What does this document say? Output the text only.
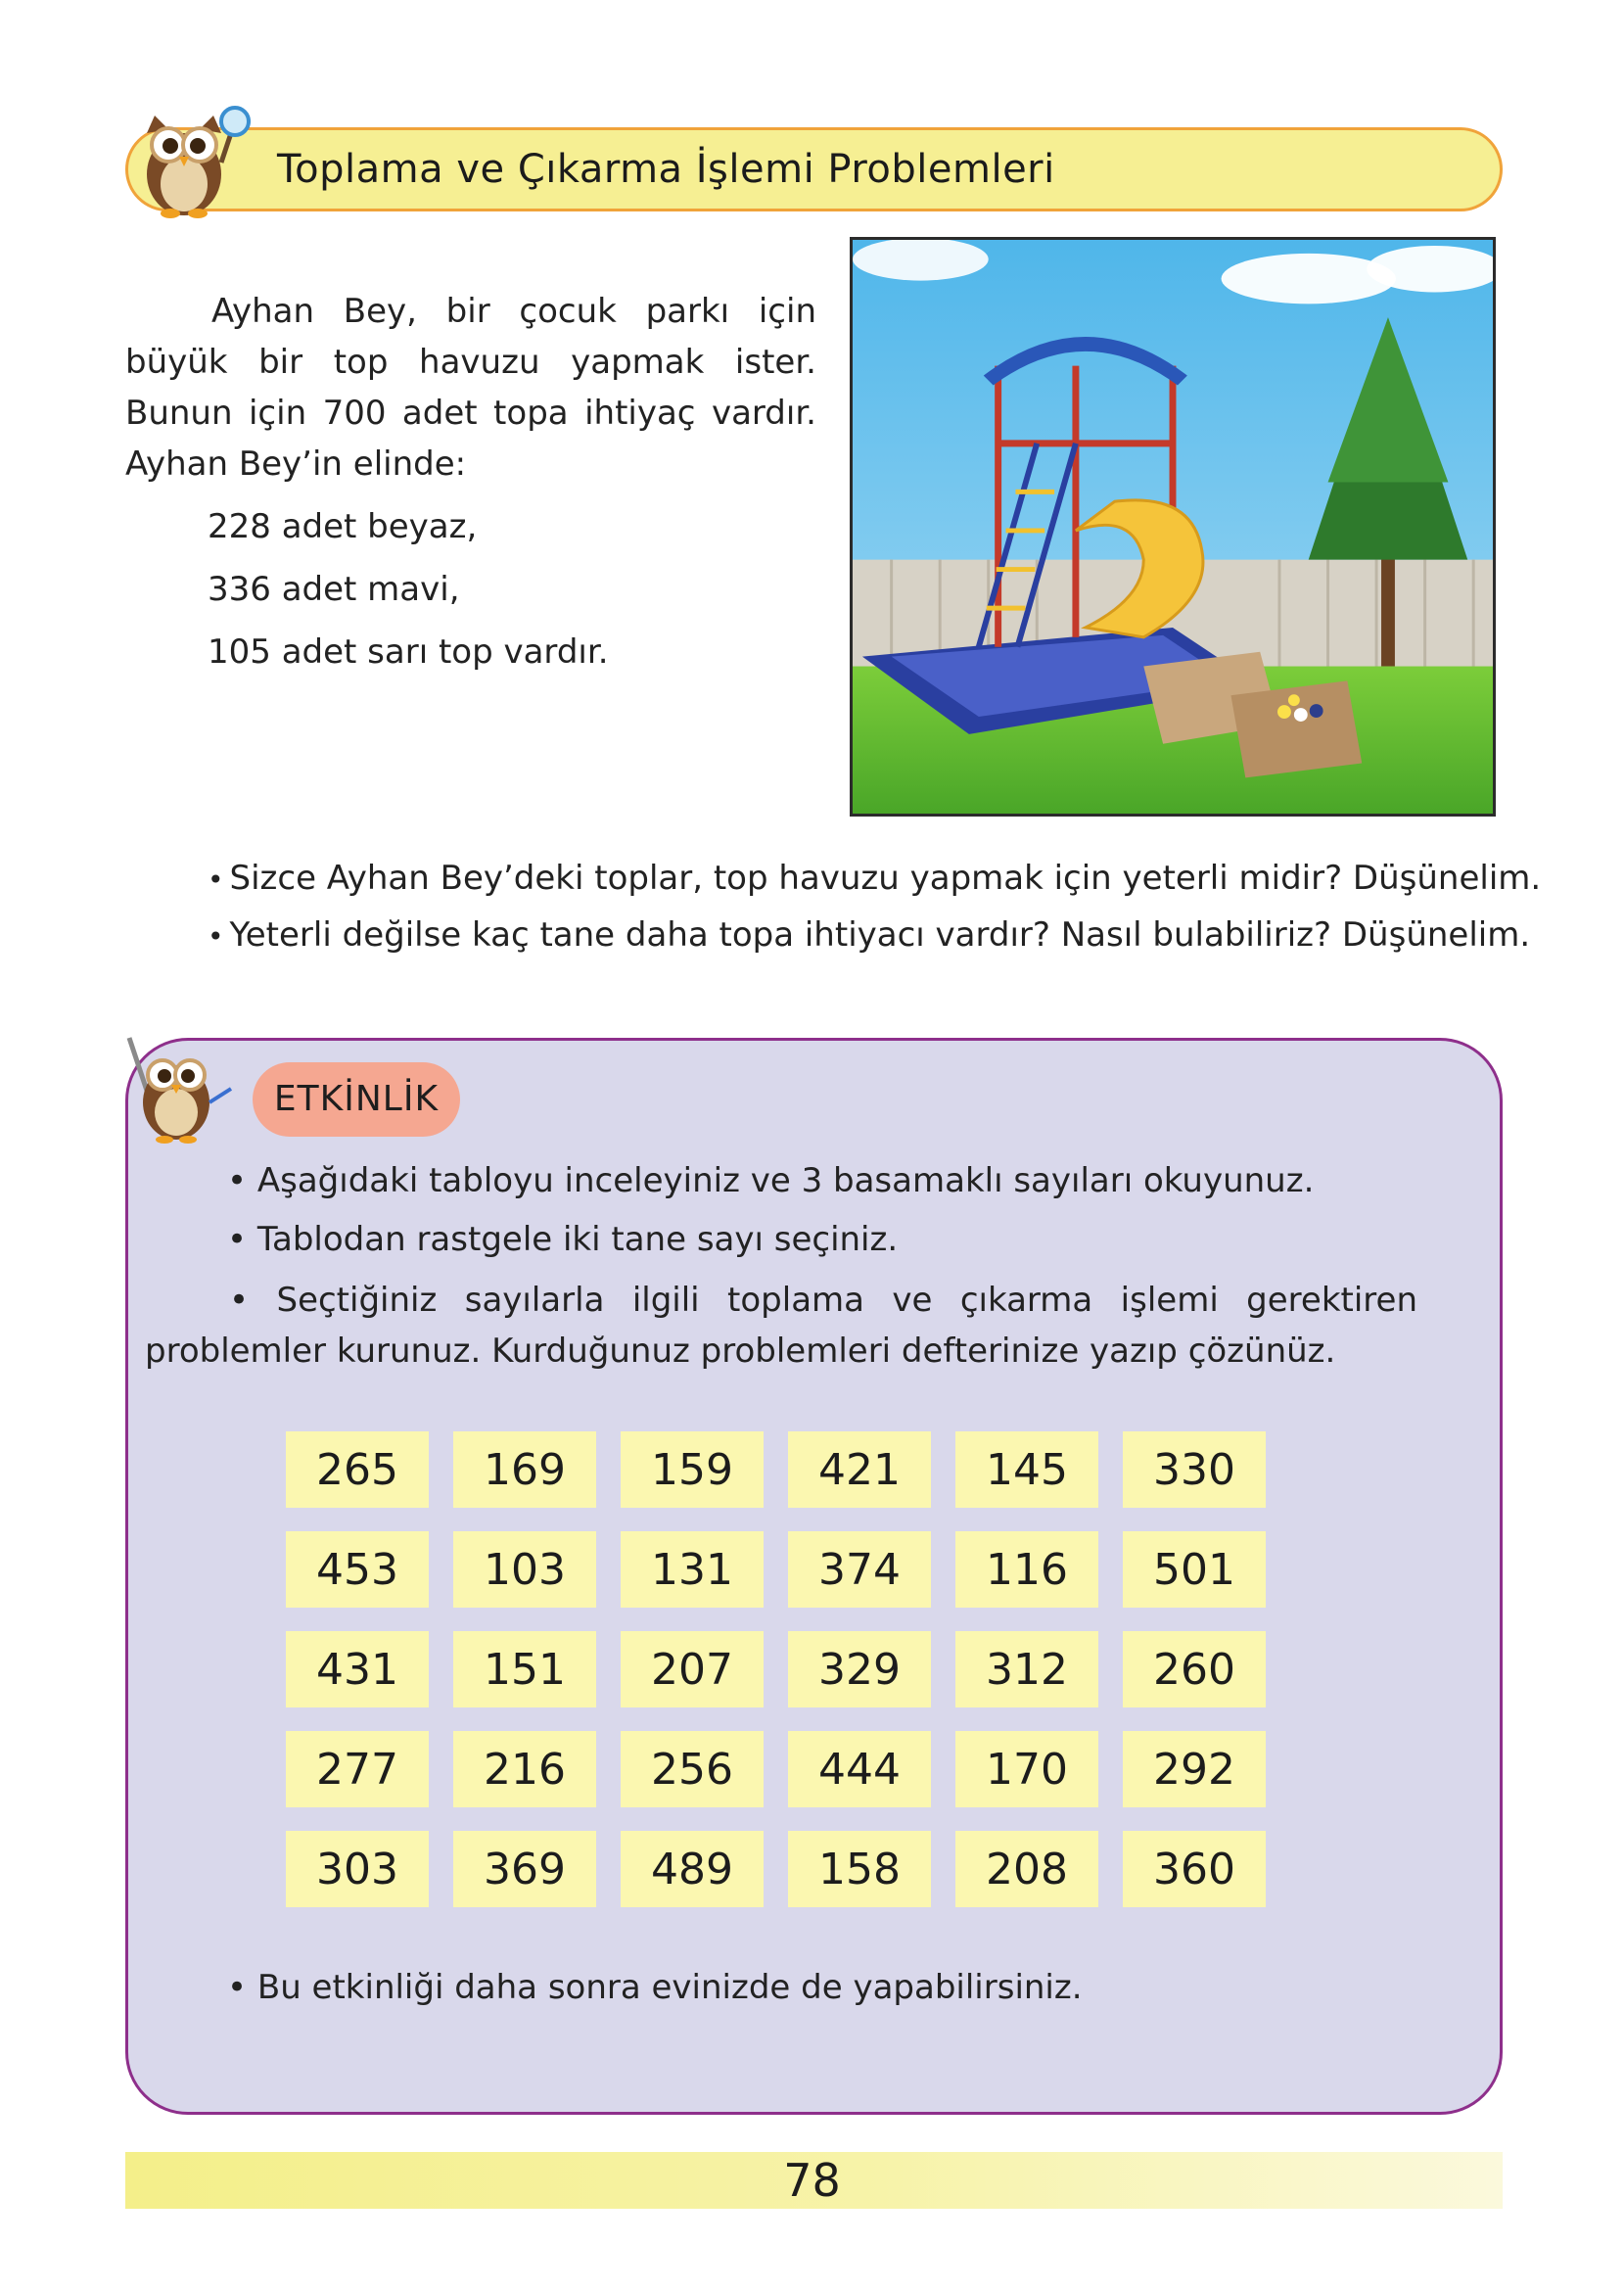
Toplama ve Çıkarma İşlemi Problemleri
Ayhan Bey, bir çocuk parkı için büyük bir top havuzu yapmak ister. Bunun için 700 adet topa ihtiyaç vardır. Ayhan Bey’in elinde:
228 adet beyaz,
336 adet mavi,
105 adet sarı top vardır.
• Sizce Ayhan Bey’deki toplar, top havuzu yapmak için yeterli midir? Düşünelim.
• Yeterli değilse kaç tane daha topa ihtiyacı vardır? Nasıl bulabiliriz? Düşünelim.
ETKİNLİK
• Aşağıdaki tabloyu inceleyiniz ve 3 basamaklı sayıları okuyunuz.
• Tablodan rastgele iki tane sayı seçiniz.
• Seçtiğiniz sayılarla ilgili toplama ve çıkarma işlemi gerektiren problemler kurunuz. Kurduğunuz problemleri defterinize yazıp çözünüz.
265	169	159	421	145	330
453	103	131	374	116	501
431	151	207	329	312	260
277	216	256	444	170	292
303	369	489	158	208	360
• Bu etkinliği daha sonra evinizde de yapabilirsiniz.
78
